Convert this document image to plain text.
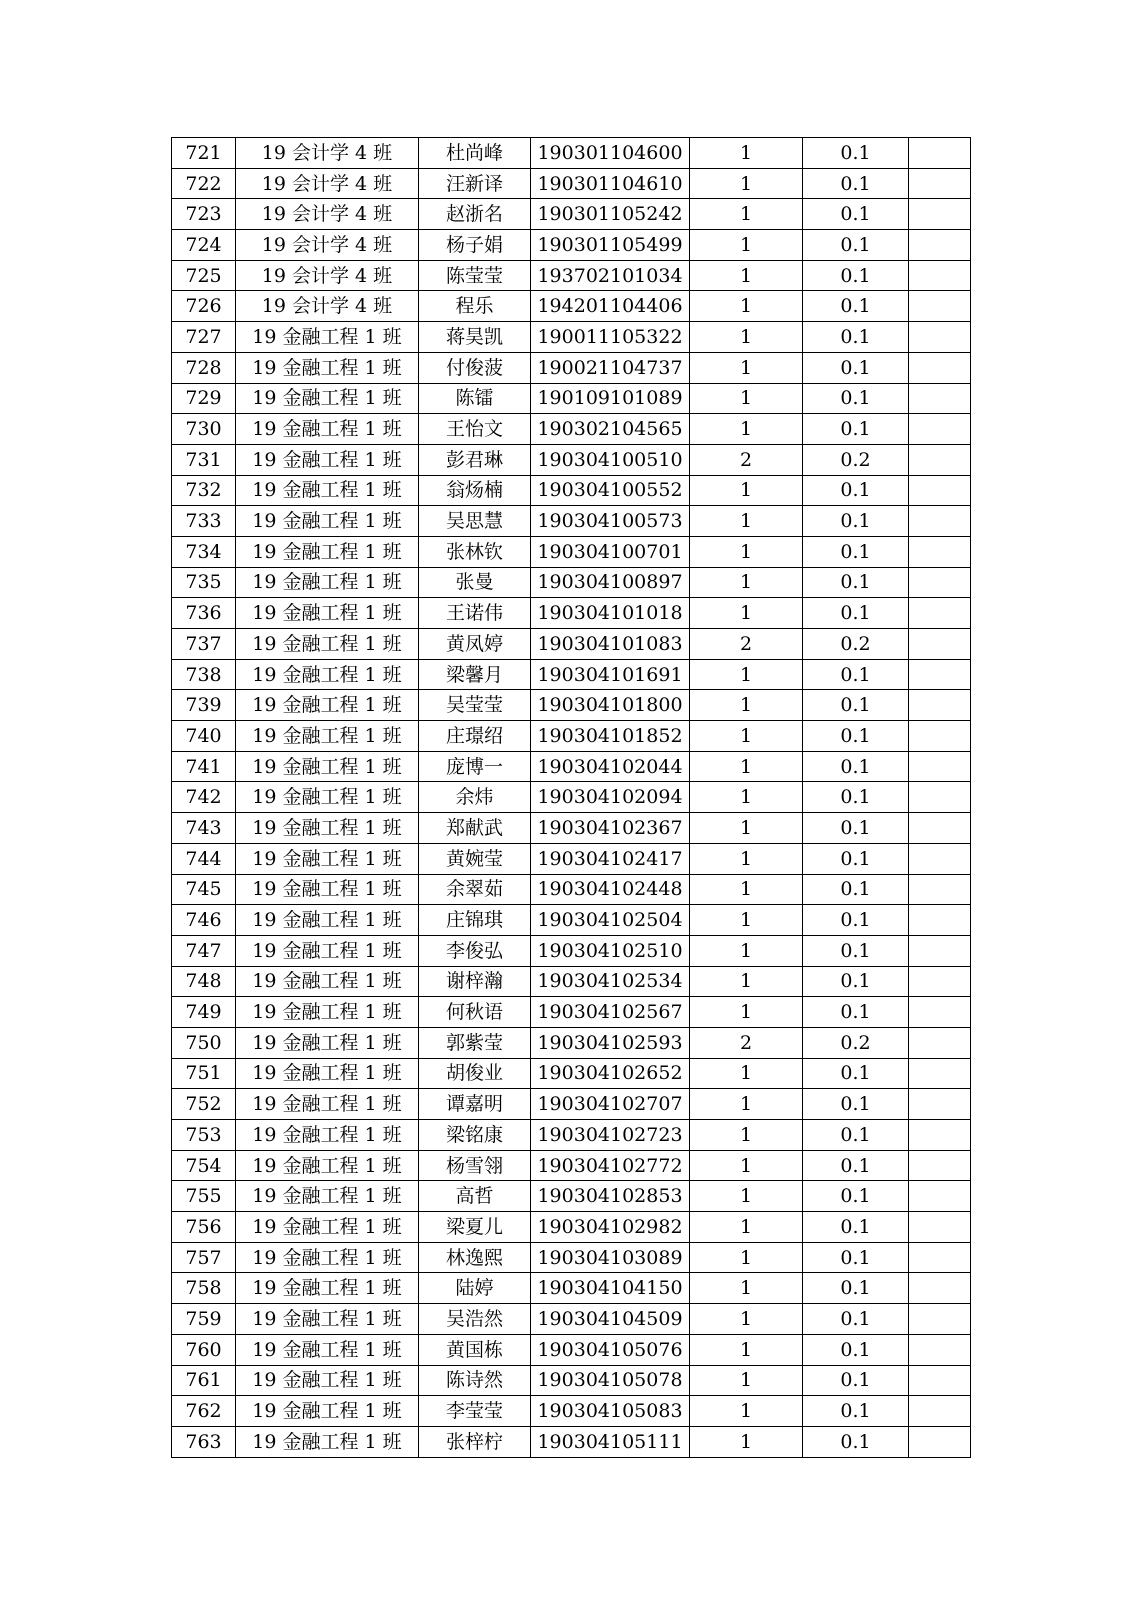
721	19 会计学 4 班	杜尚峰	190301104600	1	0.1	
722	19 会计学 4 班	汪新译	190301104610	1	0.1	
723	19 会计学 4 班	赵浙名	190301105242	1	0.1	
724	19 会计学 4 班	杨子娟	190301105499	1	0.1	
725	19 会计学 4 班	陈莹莹	193702101034	1	0.1	
726	19 会计学 4 班	程乐	194201104406	1	0.1	
727	19 金融工程 1 班	蒋昊凯	190011105322	1	0.1	
728	19 金融工程 1 班	付俊菠	190021104737	1	0.1	
729	19 金融工程 1 班	陈镭	190109101089	1	0.1	
730	19 金融工程 1 班	王怡文	190302104565	1	0.1	
731	19 金融工程 1 班	彭君琳	190304100510	2	0.2	
732	19 金融工程 1 班	翁炀楠	190304100552	1	0.1	
733	19 金融工程 1 班	吴思慧	190304100573	1	0.1	
734	19 金融工程 1 班	张林钦	190304100701	1	0.1	
735	19 金融工程 1 班	张曼	190304100897	1	0.1	
736	19 金融工程 1 班	王诺伟	190304101018	1	0.1	
737	19 金融工程 1 班	黄凤婷	190304101083	2	0.2	
738	19 金融工程 1 班	梁馨月	190304101691	1	0.1	
739	19 金融工程 1 班	吴莹莹	190304101800	1	0.1	
740	19 金融工程 1 班	庄璟绍	190304101852	1	0.1	
741	19 金融工程 1 班	庞博一	190304102044	1	0.1	
742	19 金融工程 1 班	余炜	190304102094	1	0.1	
743	19 金融工程 1 班	郑献武	190304102367	1	0.1	
744	19 金融工程 1 班	黄婉莹	190304102417	1	0.1	
745	19 金融工程 1 班	余翠茹	190304102448	1	0.1	
746	19 金融工程 1 班	庄锦琪	190304102504	1	0.1	
747	19 金融工程 1 班	李俊弘	190304102510	1	0.1	
748	19 金融工程 1 班	谢梓瀚	190304102534	1	0.1	
749	19 金融工程 1 班	何秋语	190304102567	1	0.1	
750	19 金融工程 1 班	郭紫莹	190304102593	2	0.2	
751	19 金融工程 1 班	胡俊业	190304102652	1	0.1	
752	19 金融工程 1 班	谭嘉明	190304102707	1	0.1	
753	19 金融工程 1 班	梁铭康	190304102723	1	0.1	
754	19 金融工程 1 班	杨雪翎	190304102772	1	0.1	
755	19 金融工程 1 班	高哲	190304102853	1	0.1	
756	19 金融工程 1 班	梁夏儿	190304102982	1	0.1	
757	19 金融工程 1 班	林逸熙	190304103089	1	0.1	
758	19 金融工程 1 班	陆婷	190304104150	1	0.1	
759	19 金融工程 1 班	吴浩然	190304104509	1	0.1	
760	19 金融工程 1 班	黄国栋	190304105076	1	0.1	
761	19 金融工程 1 班	陈诗然	190304105078	1	0.1	
762	19 金融工程 1 班	李莹莹	190304105083	1	0.1	
763	19 金融工程 1 班	张梓柠	190304105111	1	0.1	
